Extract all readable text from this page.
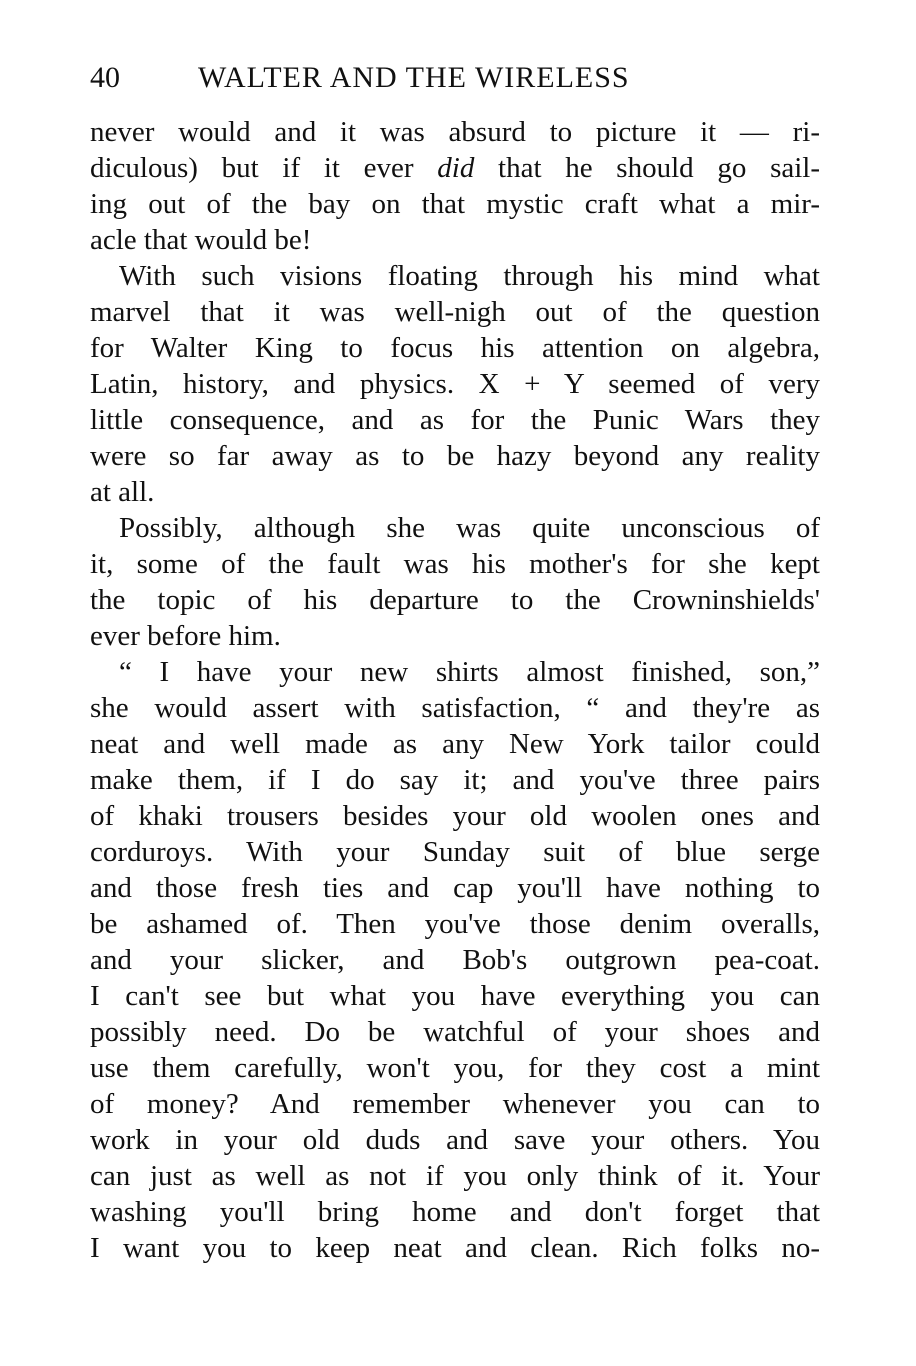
40	WALTER AND THE WIRELESS
never would and it was absurd to picture it — ri-
diculous) but if it ever did that he should go sail-
ing out of the bay on that mystic craft what a mir-
acle that would be!
With such visions floating through his mind what
marvel that it was well-nigh out of the question
for Walter King to focus his attention on algebra,
Latin, history, and physics. X + Y seemed of very
little consequence, and as for the Punic Wars they
were so far away as to be hazy beyond any reality
at all.
Possibly, although she was quite unconscious of
it, some of the fault was his mother's for she kept
the topic of his departure to the Crowninshields'
ever before him.
“ I have your new shirts almost finished, son,”
she would assert with satisfaction, “ and they're as
neat and well made as any New York tailor could
make them, if I do say it; and you've three pairs
of khaki trousers besides your old woolen ones and
corduroys. With your Sunday suit of blue serge
and those fresh ties and cap you'll have nothing to
be ashamed of. Then you've those denim overalls,
and your slicker, and Bob's outgrown pea-coat.
I can't see but what you have everything you can
possibly need. Do be watchful of your shoes and
use them carefully, won't you, for they cost a mint
of money? And remember whenever you can to
work in your old duds and save your others. You
can just as well as not if you only think of it. Your
washing you'll bring home and don't forget that
I want you to keep neat and clean. Rich folks no-
